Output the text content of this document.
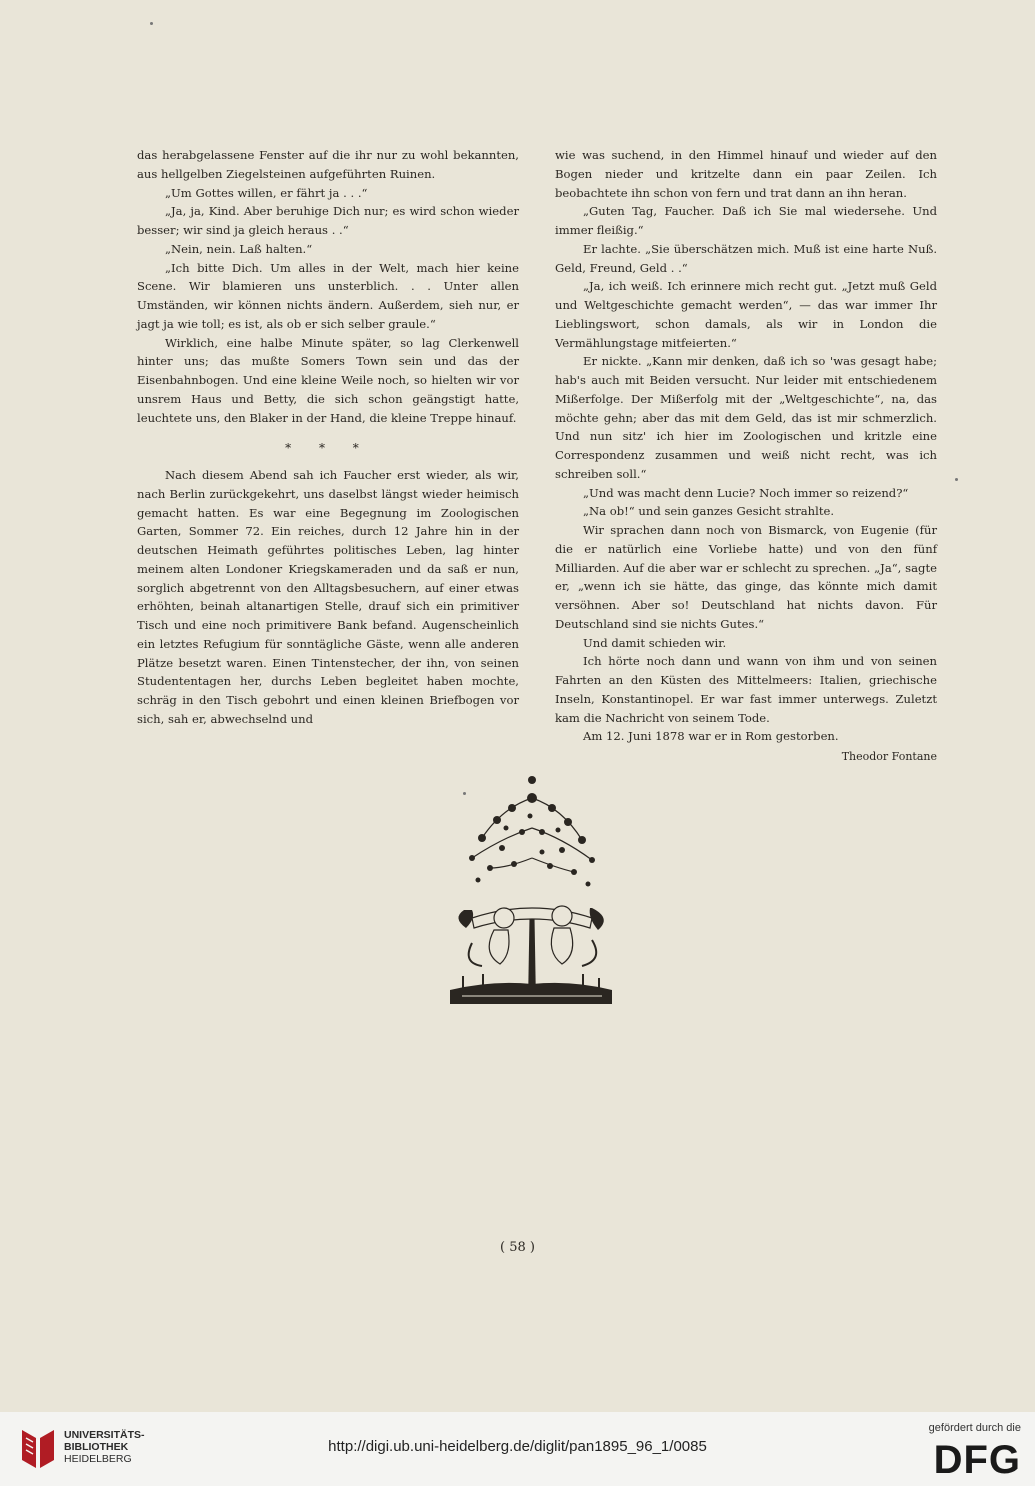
das herabgelassene Fenster auf die ihr nur zu wohl bekannten, aus hellgelben Ziegelsteinen aufgeführten Ruinen.

„Um Gottes willen, er fährt ja . . .“

„Ja, ja, Kind. Aber beruhige Dich nur; es wird schon wieder besser; wir sind ja gleich heraus . .“

„Nein, nein. Laß halten.“

„Ich bitte Dich. Um alles in der Welt, mach hier keine Scene. Wir blamieren uns unsterblich. . . Unter allen Umständen, wir können nichts ändern. Außerdem, sieh nur, er jagt ja wie toll; es ist, als ob er sich selber graule.“

Wirklich, eine halbe Minute später, so lag Clerkenwell hinter uns; das mußte Somers Town sein und das der Eisenbahnbogen. Und eine kleine Weile noch, so hielten wir vor unsrem Haus und Betty, die sich schon geängstigt hatte, leuchtete uns, den Blaker in der Hand, die kleine Treppe hinauf.

* * *

Nach diesem Abend sah ich Faucher erst wieder, als wir, nach Berlin zurückgekehrt, uns daselbst längst wieder heimisch gemacht hatten. Es war eine Begegnung im Zoologischen Garten, Sommer 72. Ein reiches, durch 12 Jahre hin in der deutschen Heimath geführtes politisches Leben, lag hinter meinem alten Londoner Kriegskameraden und da saß er nun, sorglich abgetrennt von den Alltagsbesuchern, auf einer etwas erhöhten, beinah altanartigen Stelle, drauf sich ein primitiver Tisch und eine noch primitivere Bank befand. Augenscheinlich ein letztes Refugium für sonntägliche Gäste, wenn alle anderen Plätze besetzt waren. Einen Tintenstecher, der ihn, von seinen Studententagen her, durchs Leben begleitet haben mochte, schräg in den Tisch gebohrt und einen kleinen Briefbogen vor sich, sah er, abwechselnd und

wie was suchend, in den Himmel hinauf und wieder auf den Bogen nieder und kritzelte dann ein paar Zeilen. Ich beobachtete ihn schon von fern und trat dann an ihn heran.

„Guten Tag, Faucher. Daß ich Sie mal wiedersehe. Und immer fleißig.“

Er lachte. „Sie überschätzen mich. Muß ist eine harte Nuß. Geld, Freund, Geld . .“

„Ja, ich weiß. Ich erinnere mich recht gut. „Jetzt muß Geld und Weltgeschichte gemacht werden“, — das war immer Ihr Lieblingswort, schon damals, als wir in London die Vermählungstage mitfeierten.“

Er nickte. „Kann mir denken, daß ich so 'was gesagt habe; hab's auch mit Beiden versucht. Nur leider mit entschiedenem Mißerfolge. Der Mißerfolg mit der „Weltgeschichte“, na, das möchte gehn; aber das mit dem Geld, das ist mir schmerzlich. Und nun sitz' ich hier im Zoologischen und kritzle eine Correspondenz zusammen und weiß nicht recht, was ich schreiben soll.“

„Und was macht denn Lucie? Noch immer so reizend?“

„Na ob!“ und sein ganzes Gesicht strahlte.

Wir sprachen dann noch von Bismarck, von Eugenie (für die er natürlich eine Vorliebe hatte) und von den fünf Milliarden. Auf die aber war er schlecht zu sprechen. „Ja“, sagte er, „wenn ich sie hätte, das ginge, das könnte mich damit versöhnen. Aber so! Deutschland hat nichts davon. Für Deutschland sind sie nichts Gutes.“

Und damit schieden wir.

Ich hörte noch dann und wann von ihm und von seinen Fahrten an den Küsten des Mittelmeers: Italien, griechische Inseln, Konstantinopel. Er war fast immer unterwegs. Zuletzt kam die Nachricht von seinem Tode.

Am 12. Juni 1878 war er in Rom gestorben.

Theodor Fontane
( 58 )
UNIVERSITÄTS-
BIBLIOTHEK
HEIDELBERG
http://digi.ub.uni-heidelberg.de/diglit/pan1895_96_1/0085
gefördert durch die
DFG
